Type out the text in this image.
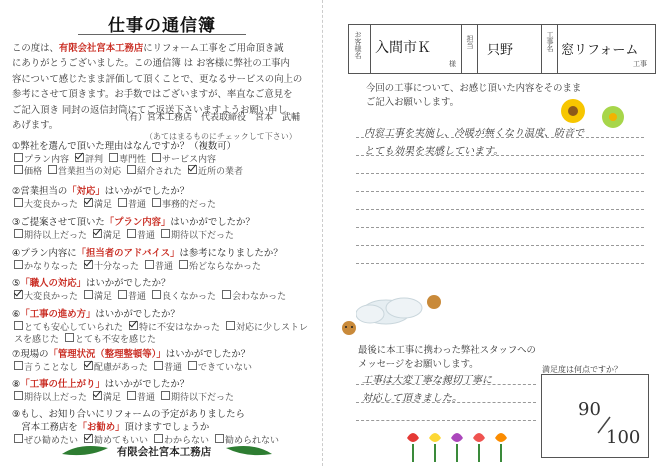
仕事の通信簿
この度は、有限会社宮本工務店にリフォーム工事をご用命頂き誠
にありがとうございました。この通信簿 は お客様に弊社の工事内
容について感じたまま評価して頂くことで、更なるサービスの向上の
参考にさせて頂きます。お手数ではございますが、率直なご意見を
ご記入頂き 同封の返信封筒にてご返送下さいますようお願い申し
あげます。
（有）宮本工務店　代表取締役　宮本　武輔
（あてはまるものにチェックして下さい）
①弊社を選んで頂いた理由はなんですか？（複数可）
プラン内容 評判 専門性 サービス内容
価格 営業担当の対応 紹介された 近所の業者
②営業担当の「対応」はいかがでしたか？
大変良かった 満足 普通 事務的だった
③ご提案させて頂いた「プラン内容」はいかがでしたか？
期待以上だった 満足 普通 期待以下だった
④プラン内容に「担当者のアドバイス」は参考になりましたか？
かなりなった 十分なった 普通 殆どならなかった
⑤「職人の対応」はいかがでしたか？
大変良かった 満足 普通 良くなかった 会わなかった
⑥「工事の進め方」はいかがでしたか？
とても安心していられた 特に不安はなかった 対応に少しストレ
スを感じた とても不安を感じた
⑦現場の「管理状況（整理整頓等）」はいかがでしたか？
言うことなし 配慮があった 普通 できていない
⑧「工事の仕上がり」はいかがでしたか？
期待以上だった 満足 普通 期待以下だった
⑨もし、お知り合いにリフォームの予定がありましたら
　宮本工務店を「お勧め」頂けますでしょうか
ぜひ勧めたい 勧めてもいい わからない 勧められない
有限会社宮本工務店
お客様名 入間市Ｋ
様
担当
只野	工事名 窓リフォーム
工事
今回の工事について、お感じ頂いた内容をそのまま
ご記入お願いします。
内窓工事を実施し、冷暖が無くなり温度、防音で
とても効果を実感しています。
最後に本工事に携わった弊社スタッフへの
メッセージをお願いします。
工事は大変丁寧な親切丁寧に
対応して頂きました。
満足度は何点ですか？
90
100
